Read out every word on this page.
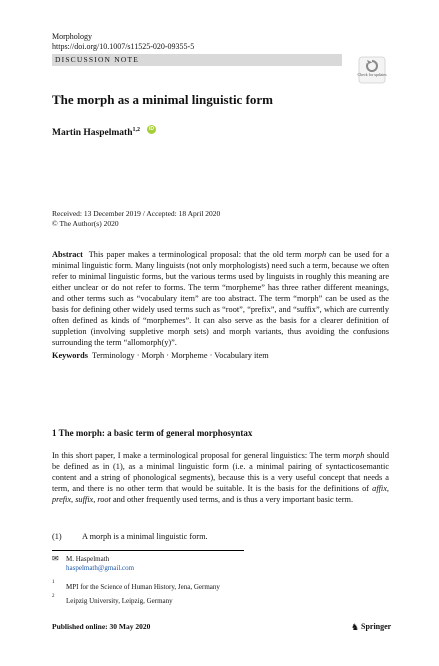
Morphology
https://doi.org/10.1007/s11525-020-09355-5
DISCUSSION NOTE
Check for updates
The morph as a minimal linguistic form
Martin Haspelmath$^{1,2}$	iD
Received: 13 December 2019 / Accepted: 18 April 2020
© The Author(s) 2020
Abstract This paper makes a terminological proposal: that the old term morph can be used for a minimal linguistic form. Many linguists (not only morphologists) need such a term, because we often refer to minimal linguistic forms, but the various terms used by linguists in roughly this meaning are either unclear or do not refer to forms. The term “morpheme” has three rather different meanings, and other terms such as “vocabulary item” are too abstract. The term “morph” can be used as the basis for defining other widely used terms such as “root”, “prefix”, and “suffix”, which are currently often defined as kinds of “morphemes”. It can also serve as the basis for a clearer definition of suppletion (involving suppletive morph sets) and morph variants, thus avoiding the confusions surrounding the term “allomorph(y)”.
Keywords Terminology · Morph · Morpheme · Vocabulary item
1 The morph: a basic term of general morphosyntax
In this short paper, I make a terminological proposal for general linguistics: The term morph should be defined as in (1), as a minimal linguistic form (i.e. a minimal pairing of syntacticosemantic content and a string of phonological segments), because this is a very useful concept that needs a term, and there is no other term that would be suitable. It is the basis for the definitions of affix, prefix, suffix, root and other frequently used terms, and is thus a very important basic term.
(1) A morph is a minimal linguistic form.
✉ M. Haspelmath
haspelmath@gmail.com
1
MPI for the Science of Human History, Jena, Germany
2
Leipzig University, Leipzig, Germany
Published online: 30 May 2020	♞ Springer
